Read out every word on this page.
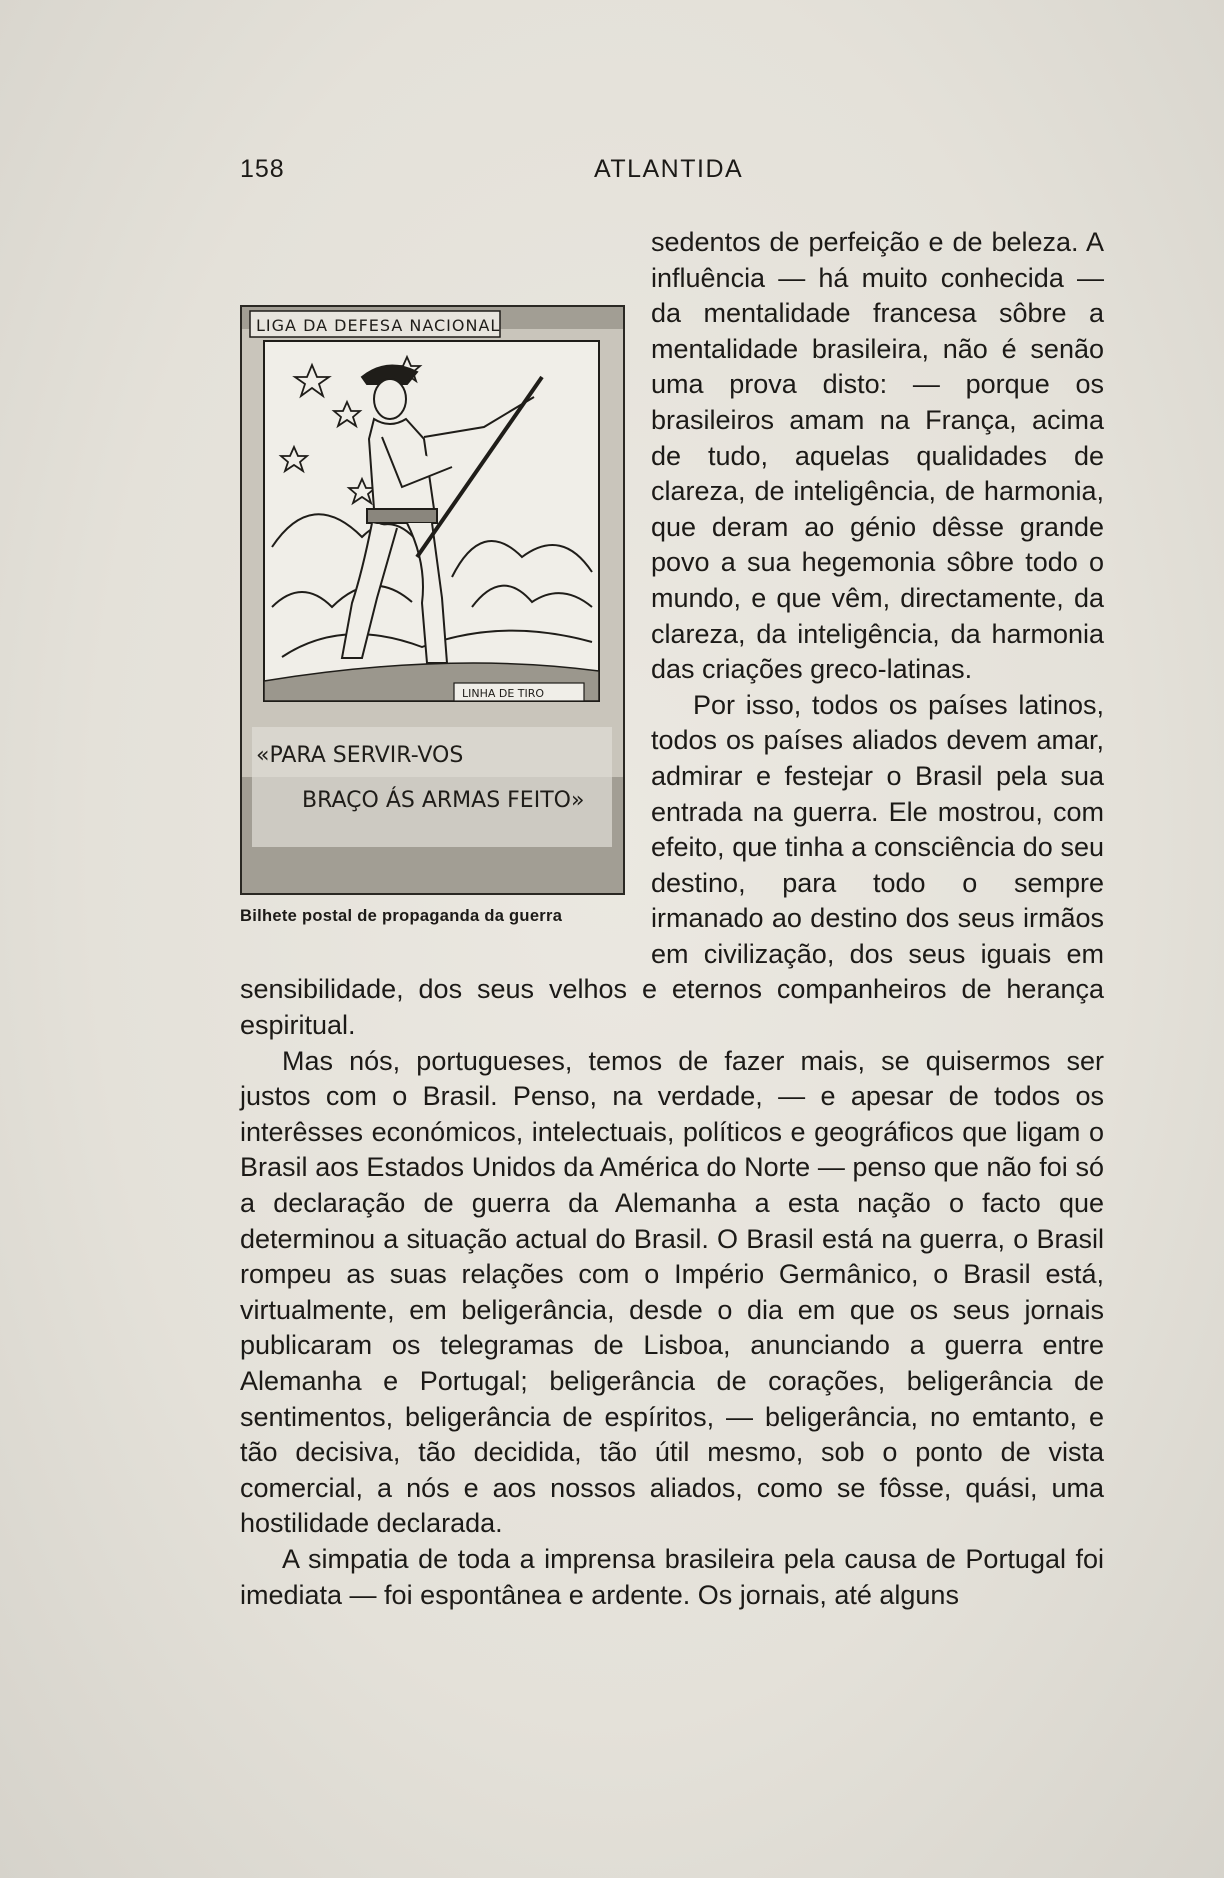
158	ATLANTIDA
LIGA DA DEFESA NACIONAL
LINHA DE TIRO
«PARA SERVIR-VOS
BRAÇO ÁS ARMAS FEITO»
Bilhete postal de propaganda da guerra

sedentos de perfeição e de beleza. A influência — há muito conhecida — da mentalidade francesa sôbre a mentalidade brasileira, não é senão uma prova disto: — porque os brasileiros amam na França, acima de tudo, aquelas qualidades de clareza, de inteligência, de harmonia, que deram ao génio dêsse grande povo a sua hegemonia sôbre todo o mundo, e que vêm, directamente, da clareza, da inteligência, da harmonia das criações greco-latinas.

Por isso, todos os países latinos, todos os países aliados devem amar, admirar e festejar o Brasil pela sua entrada na guerra. Ele mostrou, com efeito, que tinha a consciência do seu destino, para todo o sempre irmanado ao destino dos seus irmãos em civilização, dos seus iguais em sensibilidade, dos seus velhos e eternos companheiros de herança espiritual.

Mas nós, portugueses, temos de fazer mais, se quisermos ser justos com o Brasil. Penso, na verdade, — e apesar de todos os interêsses económicos, intelectuais, políticos e geográficos que ligam o Brasil aos Estados Unidos da América do Norte — penso que não foi só a declaração de guerra da Alemanha a esta nação o facto que determinou a situação actual do Brasil. O Brasil está na guerra, o Brasil rompeu as suas relações com o Império Germânico, o Brasil está, virtualmente, em beligerância, desde o dia em que os seus jornais publicaram os telegramas de Lisboa, anunciando a guerra entre Alemanha e Portugal; beligerância de corações, beligerância de sentimentos, beligerância de espíritos, — beligerância, no emtanto, e tão decisiva, tão decidida, tão útil mesmo, sob o ponto de vista comercial, a nós e aos nossos aliados, como se fôsse, quási, uma hostilidade declarada.

A simpatia de toda a imprensa brasileira pela causa de Portugal foi imediata — foi espontânea e ardente. Os jornais, até alguns
